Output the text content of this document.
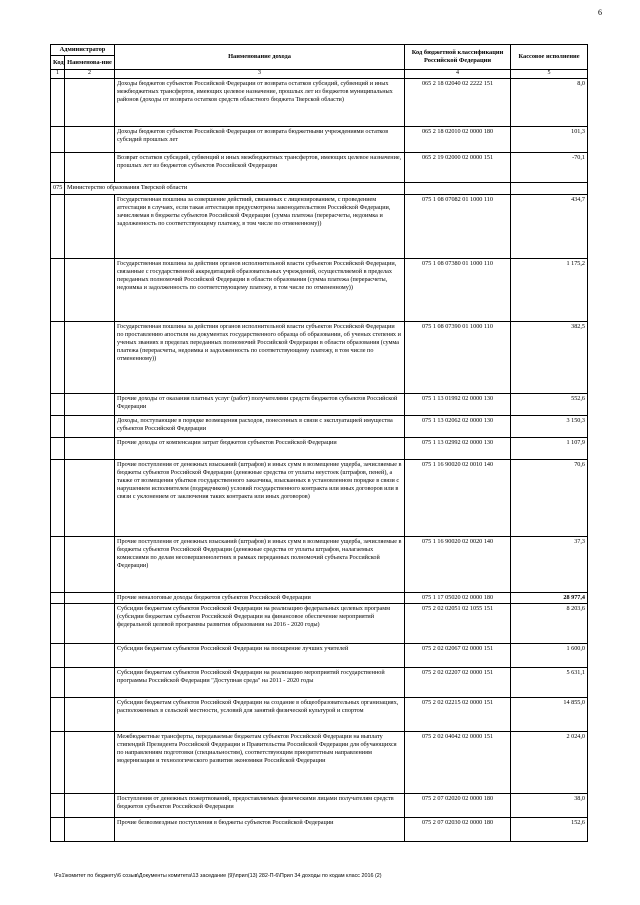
6
Администратор		Наименование дохода	Код бюджетной классификации Российской Федерации	Кассовое исполнение
Код	Наименова-ние			
1	2	3	4	5
		Доходы бюджетов субъектов Российской Федерации от возврата остатков субсидий, субвенций и иных межбюджетных трансфертов, имеющих целевое назначение, прошлых лет из бюджетов муниципальных районов (доходы от возврата остатков средств областного бюджета Тверской области)	065 2 18 02040 02 2222 151	8,0
		Доходы бюджетов субъектов Российской Федерации от возврата бюджетными учреждениями остатков субсидий прошлых лет	065 2 18 02010 02 0000 180	101,3
		Возврат остатков субсидий, субвенций и иных межбюджетных трансфертов, имеющих целевое назначение, прошлых лет из бюджетов субъектов Российской Федерации	065 2 19 02000 02 0000 151	-70,1
075	Министерство образования Тверской области			
		Государственная пошлина за совершение действий, связанных с лицензированием, с проведением аттестации в случаях, если такая аттестация предусмотрена законодательством Российской Федерации, зачисляемая в бюджеты субъектов Российской Федерации (сумма платежа (перерасчеты, недоимка и задолженность по соответствующему платежу, в том числе по отмененному))	075 1 08 07082 01 1000 110	434,7
		Государственная пошлина за действия органов исполнительной власти субъектов Российской Федерации, связанные с государственной аккредитацией образовательных учреждений, осуществляемой в пределах переданных полномочий Российской Федерации в области образования (сумма платежа (перерасчеты, недоимка и задолженность по соответствующему платежу, в том числе по отмененному))	075 1 08 07380 01 1000 110	1 175,2
		Государственная пошлина за действия органов исполнительной власти субъектов Российской Федерации по проставлению апостиля на документах государственного образца об образовании, об ученых степенях и ученых званиях в пределах переданных полномочий Российской Федерации в области образования (сумма платежа (перерасчеты, недоимка и задолженность по соответствующему платежу, в том числе по отмененному))	075 1 08 07390 01 1000 110	382,5
		Прочие доходы от оказания платных услуг (работ) получателями средств бюджетов субъектов Российской Федерации	075 1 13 01992 02 0000 130	552,6
		Доходы, поступающие в порядке возмещения расходов, понесенных в связи с эксплуатацией имущества субъектов Российской Федерации	075 1 13 02062 02 0000 130	3 150,3
		Прочие доходы от компенсации затрат бюджетов субъектов Российской Федерации	075 1 13 02992 02 0000 130	1 107,9
		Прочие поступления от денежных взысканий (штрафов) и иных сумм в возмещение ущерба, зачисляемые в бюджеты субъектов Российской Федерации (денежные средства от уплаты неустоек (штрафов, пеней), а также от возмещения убытков государственного заказчика, взысканных в установленном порядке в связи с нарушением исполнителем (подрядчиком) условий государственного контракта или иных договоров или в связи с уклонением от заключения таких контракта или иных договоров)	075 1 16 90020 02 0010 140	70,6
		Прочие поступления от денежных взысканий (штрафов) и иных сумм в возмещение ущерба, зачисляемые в бюджеты субъектов Российской Федерации (денежные средства от уплаты штрафов, налагаемых комиссиями по делам несовершеннолетних в рамках переданных полномочий субъекта Российской Федерации)	075 1 16 90020 02 0020 140	37,3
		Прочие неналоговые доходы бюджетов субъектов Российской Федерации	075 1 17 05020 02 0000 180	28 977,4
		Субсидии бюджетам субъектов Российской Федерации на реализацию федеральных целевых программ (субсидии бюджетам субъектов Российской Федерации на финансовое обеспечение мероприятий федеральной целевой программы развития образования на 2016 - 2020 годы)	075 2 02 02051 02 1055 151	8 203,6
		Субсидии бюджетам субъектов Российской Федерации на поощрение лучших учителей	075 2 02 02067 02 0000 151	1 600,0
		Субсидии бюджетам субъектов Российской Федерации на реализацию мероприятий государственной программы Российской Федерации "Доступная среда" на 2011 - 2020 годы	075 2 02 02207 02 0000 151	5 631,1
		Субсидии бюджетам субъектов Российской Федерации на создание в общеобразовательных организациях, расположенных в сельской местности, условий для занятий физической культурой и спортом	075 2 02 02215 02 0000 151	14 855,0
		Межбюджетные трансферты, передаваемые бюджетам субъектов Российской Федерации на выплату стипендий Президента Российской Федерации и Правительства Российской Федерации для обучающихся по направлениям подготовки (специальностям), соответствующим приоритетным направлениям модернизации и технологического развития экономики Российской Федерации	075 2 02 04042 02 0000 151	2 024,0
		Поступления от денежных пожертвований, предоставляемых физическими лицами получателям средств бюджетов субъектов Российской Федерации	075 2 07 02020 02 0000 180	38,0
		Прочие безвозмездные поступления в бюджеты субъектов Российской Федерации	075 2 07 02030 02 0000 180	152,6
\Fs1\комитет по бюджету\6 созыв\Документы комитета\13 заседание (9)\прил(13) 282-П-6\Прил 34 доходы по кодам класс 2016 (2)
